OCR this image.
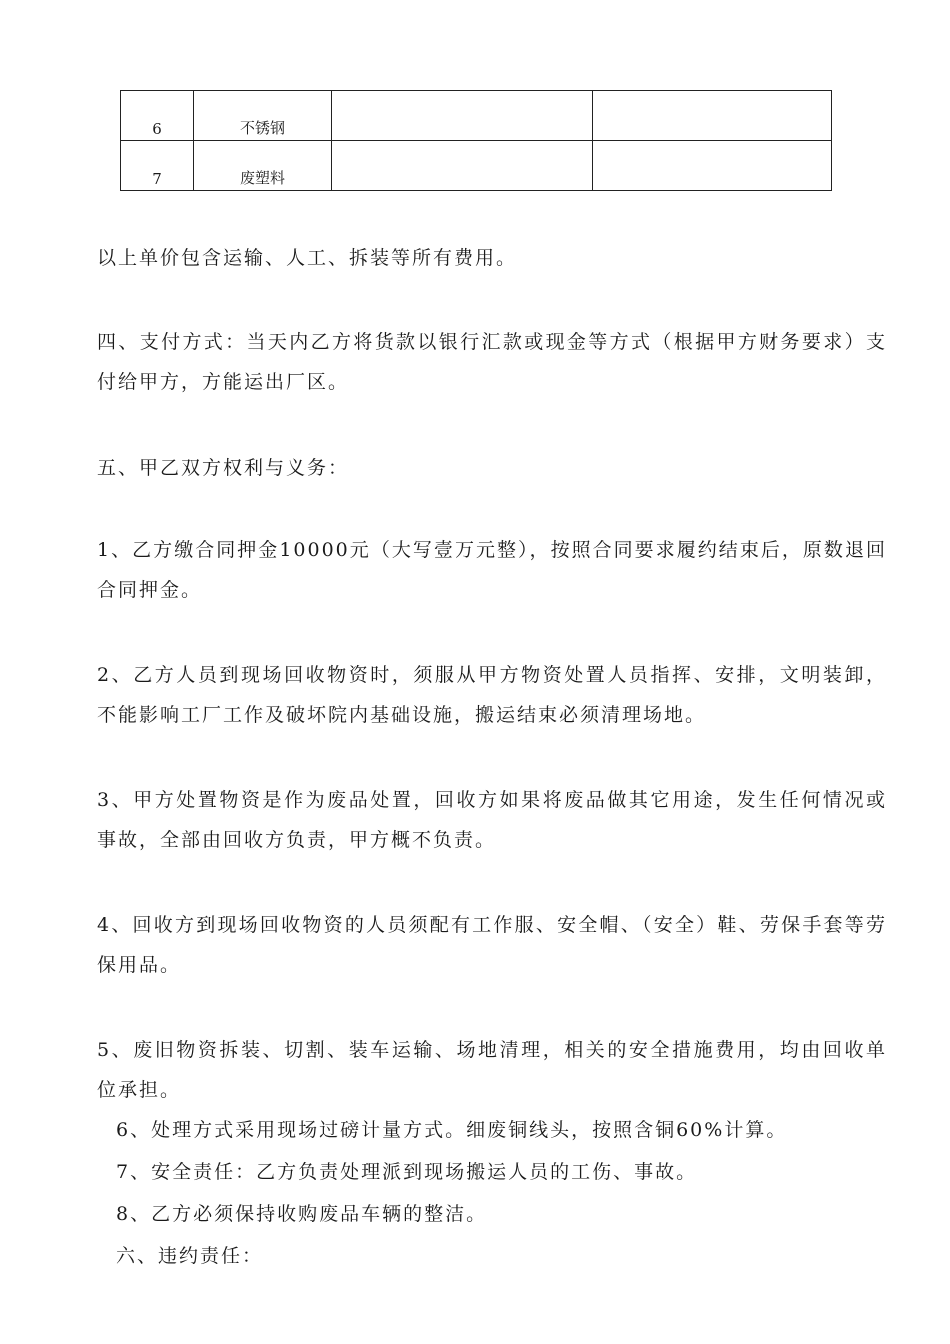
6	不锈钢		
7	废塑料		

以上单价包含运输、人工、拆装等所有费用。

四、支付方式：当天内乙方将货款以银行汇款或现金等方式（根据甲方财务要求）支付给甲方，方能运出厂区。

五、甲乙双方权利与义务：

1、乙方缴合同押金10000元（大写壹万元整），按照合同要求履约结束后，原数退回合同押金。

2、乙方人员到现场回收物资时，须服从甲方物资处置人员指挥、安排，文明装卸，不能影响工厂工作及破坏院内基础设施，搬运结束必须清理场地。

3、甲方处置物资是作为废品处置，回收方如果将废品做其它用途，发生任何情况或事故，全部由回收方负责，甲方概不负责。

4、回收方到现场回收物资的人员须配有工作服、安全帽、（安全）鞋、劳保手套等劳保用品。

5、废旧物资拆装、切割、装车运输、场地清理，相关的安全措施费用，均由回收单位承担。

6、处理方式采用现场过磅计量方式。细废铜线头，按照含铜60%计算。

7、安全责任：乙方负责处理派到现场搬运人员的工伤、事故。

8、乙方必须保持收购废品车辆的整洁。

六、违约责任：
